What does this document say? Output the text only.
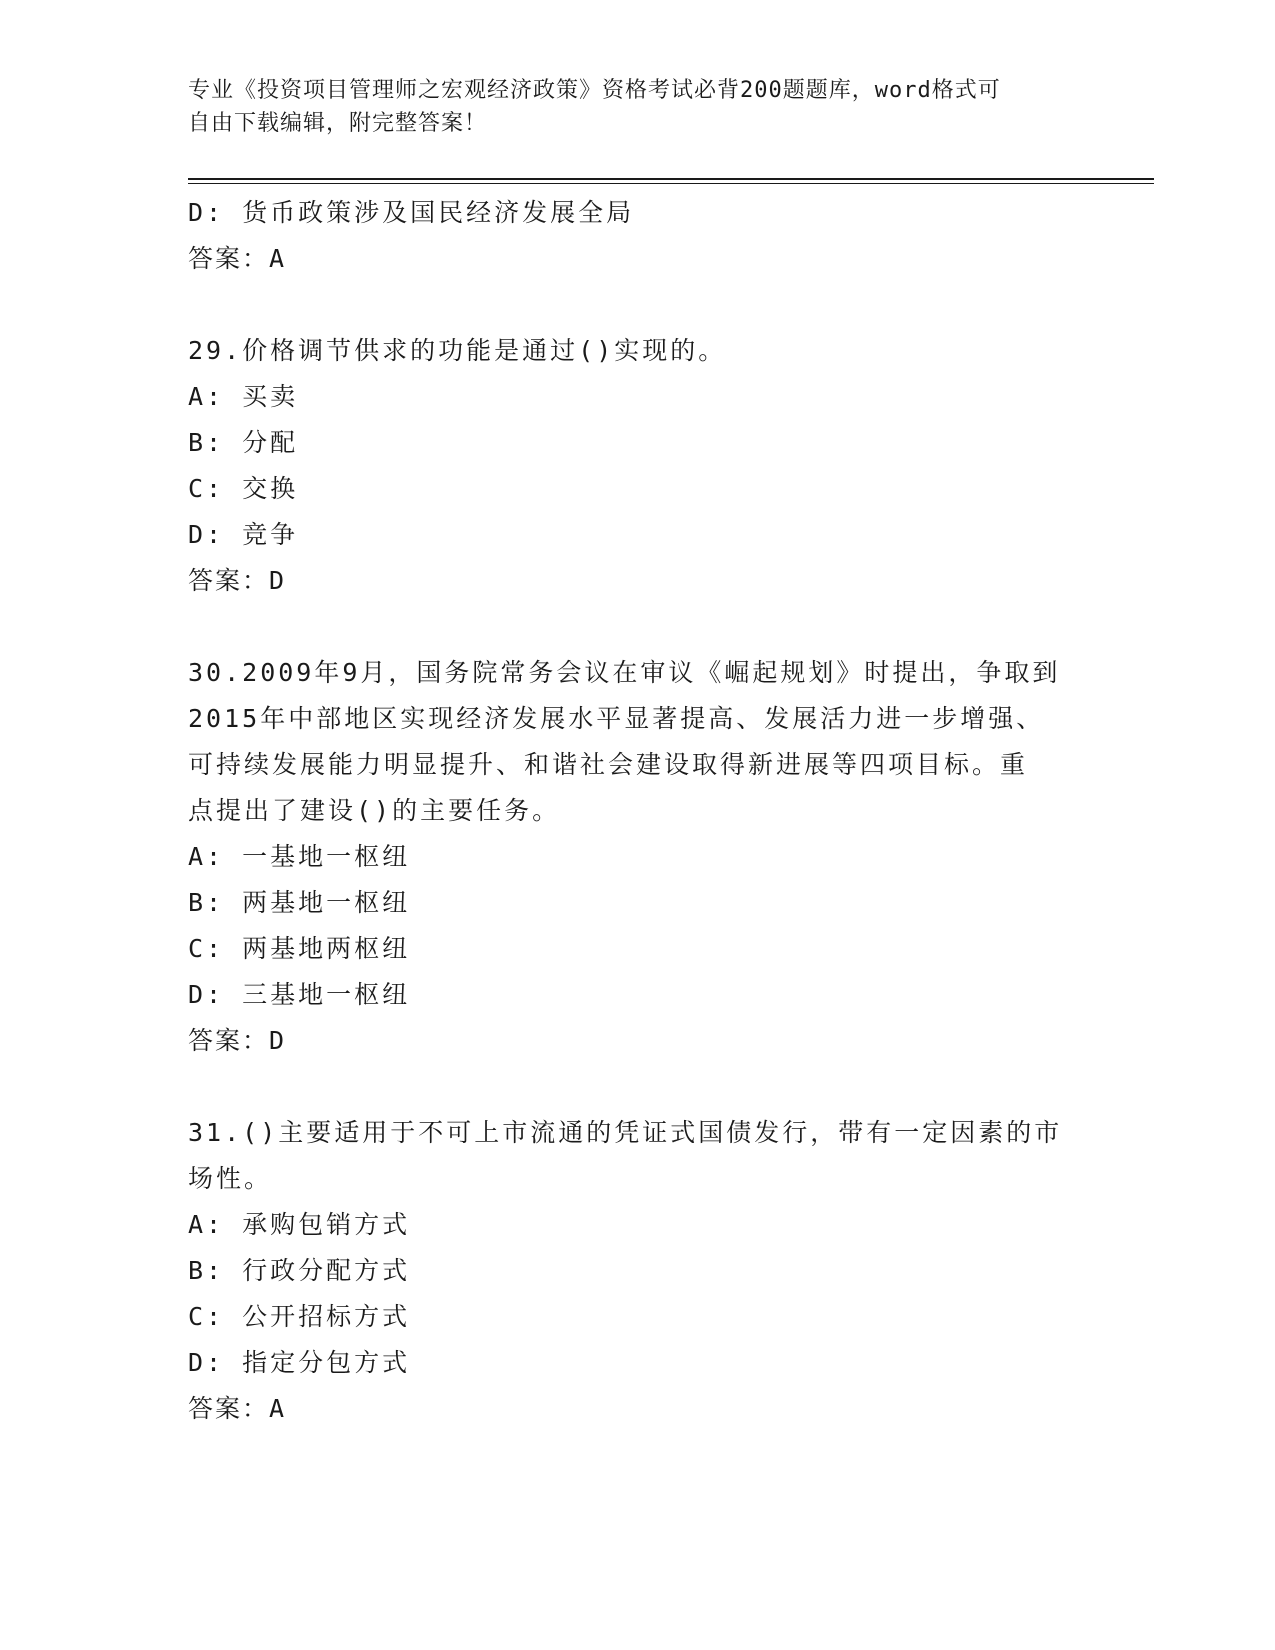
专业《投资项目管理师之宏观经济政策》资格考试必背200题题库，word格式可
自由下载编辑，附完整答案！
D: 货币政策涉及国民经济发展全局
答案：A
29.价格调节供求的功能是通过()实现的。
A: 买卖
B: 分配
C: 交换
D: 竞争
答案：D
30.2009年9月，国务院常务会议在审议《崛起规划》时提出，争取到
2015年中部地区实现经济发展水平显著提高、发展活力进一步增强、
可持续发展能力明显提升、和谐社会建设取得新进展等四项目标。重
点提出了建设()的主要任务。
A: 一基地一枢纽
B: 两基地一枢纽
C: 两基地两枢纽
D: 三基地一枢纽
答案：D
31.()主要适用于不可上市流通的凭证式国债发行，带有一定因素的市
场性。
A: 承购包销方式
B: 行政分配方式
C: 公开招标方式
D: 指定分包方式
答案：A
